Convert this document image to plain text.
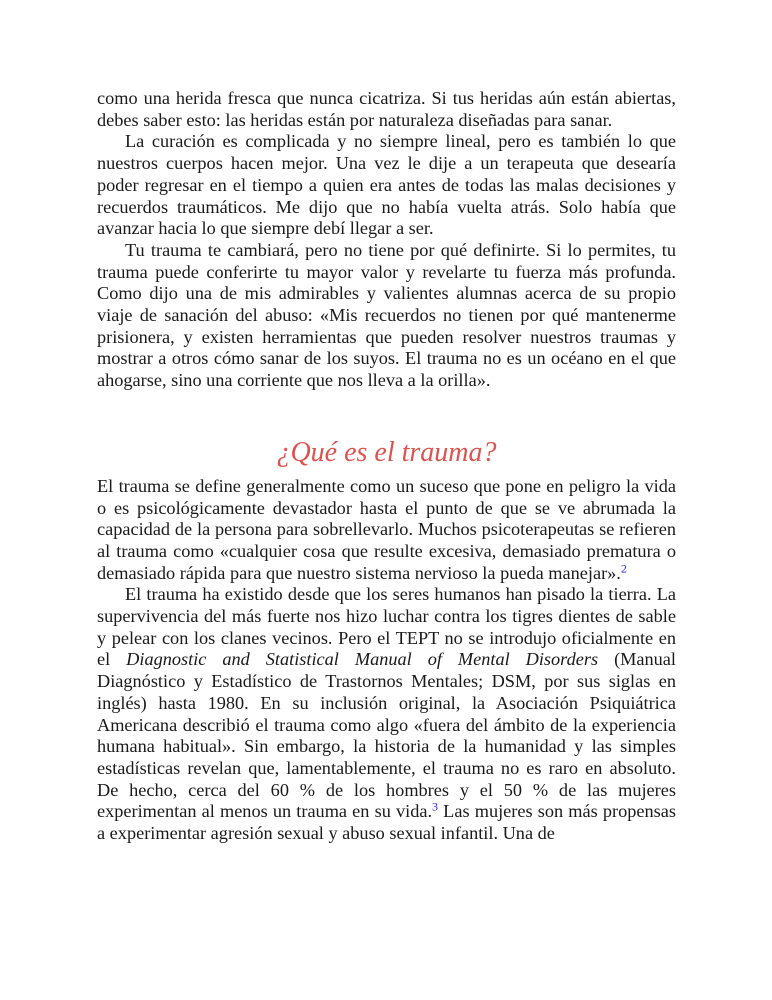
como una herida fresca que nunca cicatriza. Si tus heridas aún están abiertas, debes saber esto: las heridas están por naturaleza diseñadas para sanar.

La curación es complicada y no siempre lineal, pero es también lo que nuestros cuerpos hacen mejor. Una vez le dije a un terapeuta que desearía poder regresar en el tiempo a quien era antes de todas las malas decisiones y recuerdos traumáticos. Me dijo que no había vuelta atrás. Solo había que avanzar hacia lo que siempre debí llegar a ser.

Tu trauma te cambiará, pero no tiene por qué definirte. Si lo permites, tu trauma puede conferirte tu mayor valor y revelarte tu fuerza más profunda. Como dijo una de mis admirables y valientes alumnas acerca de su propio viaje de sanación del abuso: «Mis recuerdos no tienen por qué mantenerme prisionera, y existen herramientas que pueden resolver nuestros traumas y mostrar a otros cómo sanar de los suyos. El trauma no es un océano en el que ahogarse, sino una corriente que nos lleva a la orilla».

¿Qué es el trauma?

El trauma se define generalmente como un suceso que pone en peligro la vida o es psicológicamente devastador hasta el punto de que se ve abrumada la capacidad de la persona para sobrellevarlo. Muchos psicoterapeutas se refieren al trauma como «cualquier cosa que resulte excesiva, demasiado prematura o demasiado rápida para que nuestro sistema nervioso la pueda manejar».$^2$

El trauma ha existido desde que los seres humanos han pisado la tierra. La supervivencia del más fuerte nos hizo luchar contra los tigres dientes de sable y pelear con los clanes vecinos. Pero el TEPT no se introdujo oficialmente en el Diagnostic and Statistical Manual of Mental Disorders (Manual Diagnóstico y Estadístico de Trastornos Mentales; DSM, por sus siglas en inglés) hasta 1980. En su inclusión original, la Asociación Psiquiátrica Americana describió el trauma como algo «fuera del ámbito de la experiencia humana habitual». Sin embargo, la historia de la humanidad y las simples estadísticas revelan que, lamentablemente, el trauma no es raro en absoluto. De hecho, cerca del 60 % de los hombres y el 50 % de las mujeres experimentan al menos un trauma en su vida.$^3$ Las mujeres son más propensas a experimentar agresión sexual y abuso sexual infantil. Una de
